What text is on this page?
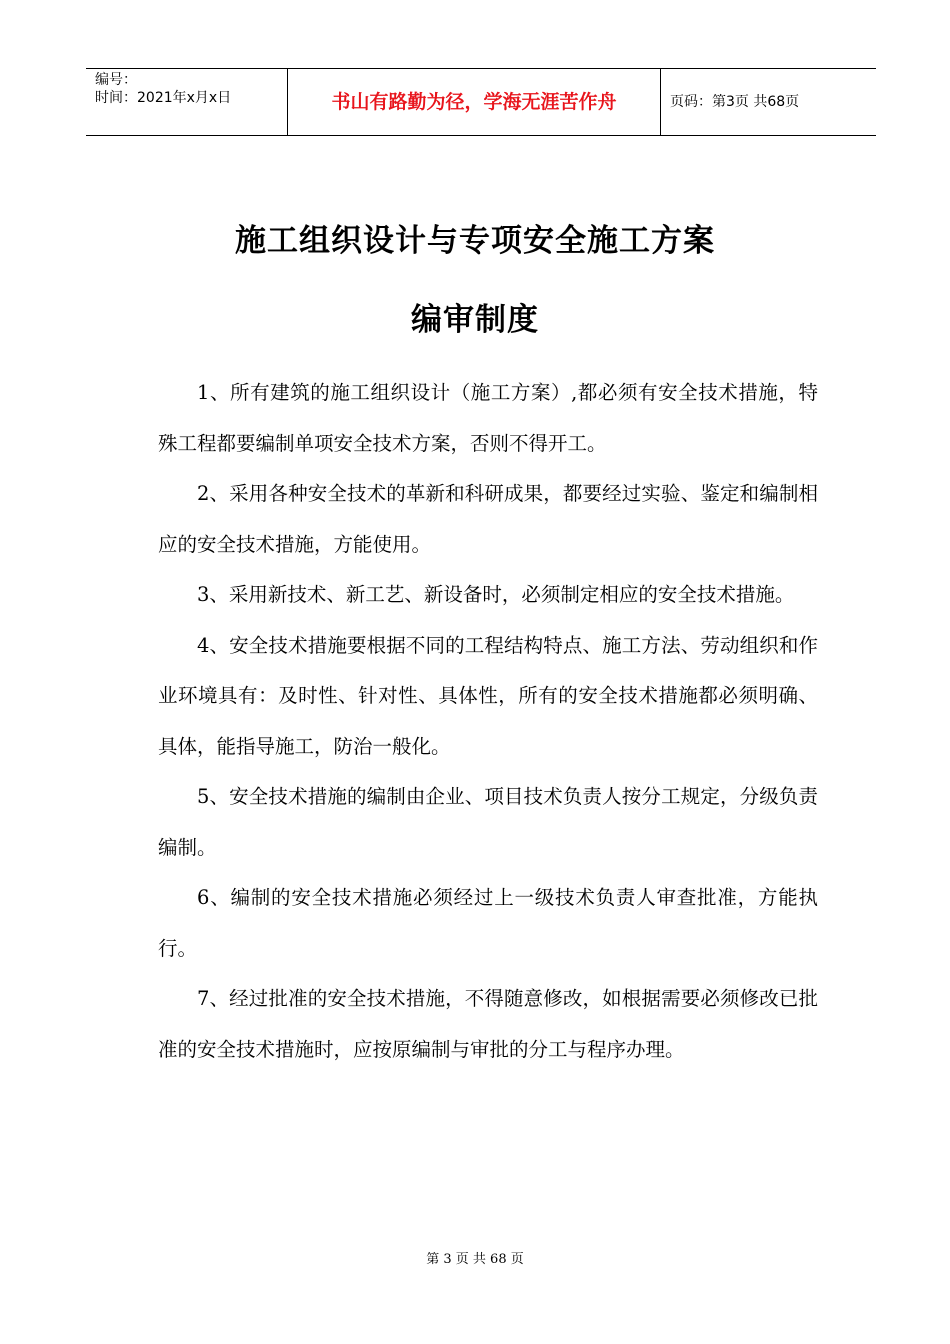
编号：
时间：2021年x月x日	书山有路勤为径，学海无涯苦作舟	页码：第3页 共68页
施工组织设计与专项安全施工方案
编审制度

1、所有建筑的施工组织设计（施工方案）,都必须有安全技术措施，特殊工程都要编制单项安全技术方案，否则不得开工。

2、采用各种安全技术的革新和科研成果，都要经过实验、鉴定和编制相应的安全技术措施，方能使用。

3、采用新技术、新工艺、新设备时，必须制定相应的安全技术措施。

4、安全技术措施要根据不同的工程结构特点、施工方法、劳动组织和作业环境具有：及时性、针对性、具体性，所有的安全技术措施都必须明确、具体，能指导施工，防治一般化。

5、安全技术措施的编制由企业、项目技术负责人按分工规定，分级负责编制。

6、编制的安全技术措施必须经过上一级技术负责人审查批准，方能执行。

7、经过批准的安全技术措施，不得随意修改，如根据需要必须修改已批准的安全技术措施时，应按原编制与审批的分工与程序办理。

第 3 页 共 68 页
